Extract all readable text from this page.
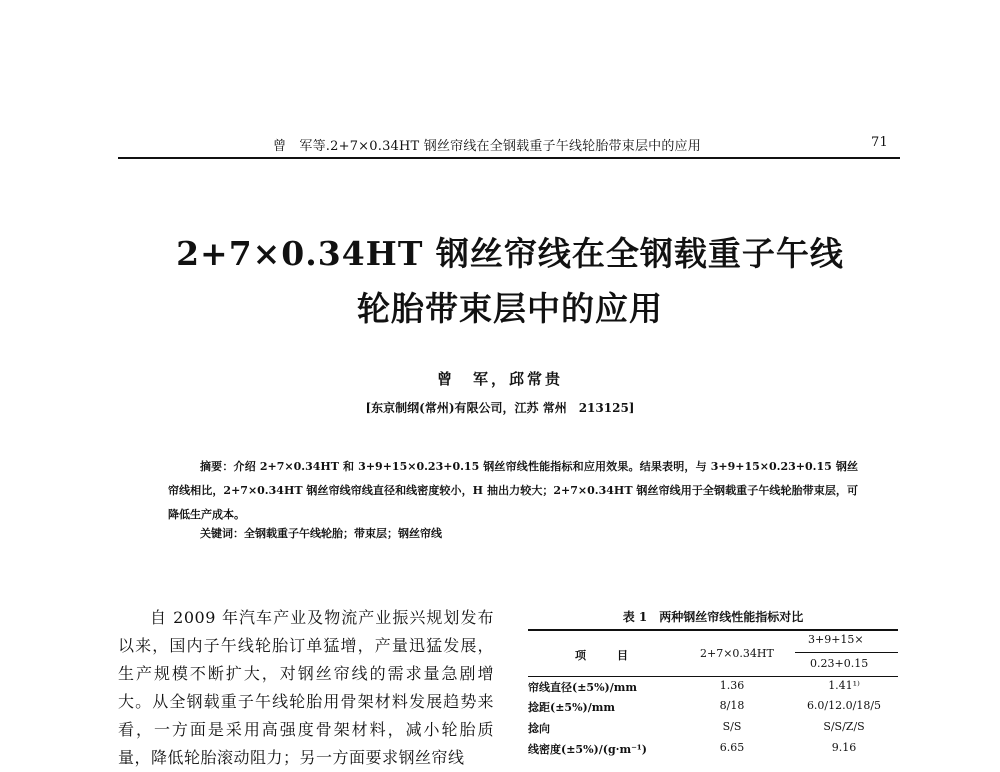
曾　军等.2+7×0.34HT 钢丝帘线在全钢载重子午线轮胎带束层中的应用	71
2+7×0.34HT 钢丝帘线在全钢载重子午线
轮胎带束层中的应用
曾　军，邱常贵
[东京制纲(常州)有限公司，江苏 常州　213125]

摘要：介绍 2+7×0.34HT 和 3+9+15×0.23+0.15 钢丝帘线性能指标和应用效果。结果表明，与 3+9+15×0.23+0.15 钢丝帘线相比，2+7×0.34HT 钢丝帘线帘线直径和线密度较小，H 抽出力较大；2+7×0.34HT 钢丝帘线用于全钢载重子午线轮胎带束层，可降低生产成本。

关键词：全钢载重子午线轮胎；带束层；钢丝帘线

自 2009 年汽车产业及物流产业振兴规划发布以来，国内子午线轮胎订单猛增，产量迅猛发展，生产规模不断扩大，对钢丝帘线的需求量急剧增大。从全钢载重子午线轮胎用骨架材料发展趋势来看，一方面是采用高强度骨架材料，减小轮胎质量，降低轮胎滚动阻力；另一方面要求钢丝帘线

表 1　两种钢丝帘线性能指标对比
项　目	2+7×0.34HT
3+9+15×
0.23+0.15
帘线直径(±5%)/mm	1.36	1.41¹⁾
捻距(±5%)/mm	8/18	6.0/12.0/18/5
捻向	S/S	S/S/Z/S
线密度(±5%)/(g·m⁻¹)	6.65	9.16
